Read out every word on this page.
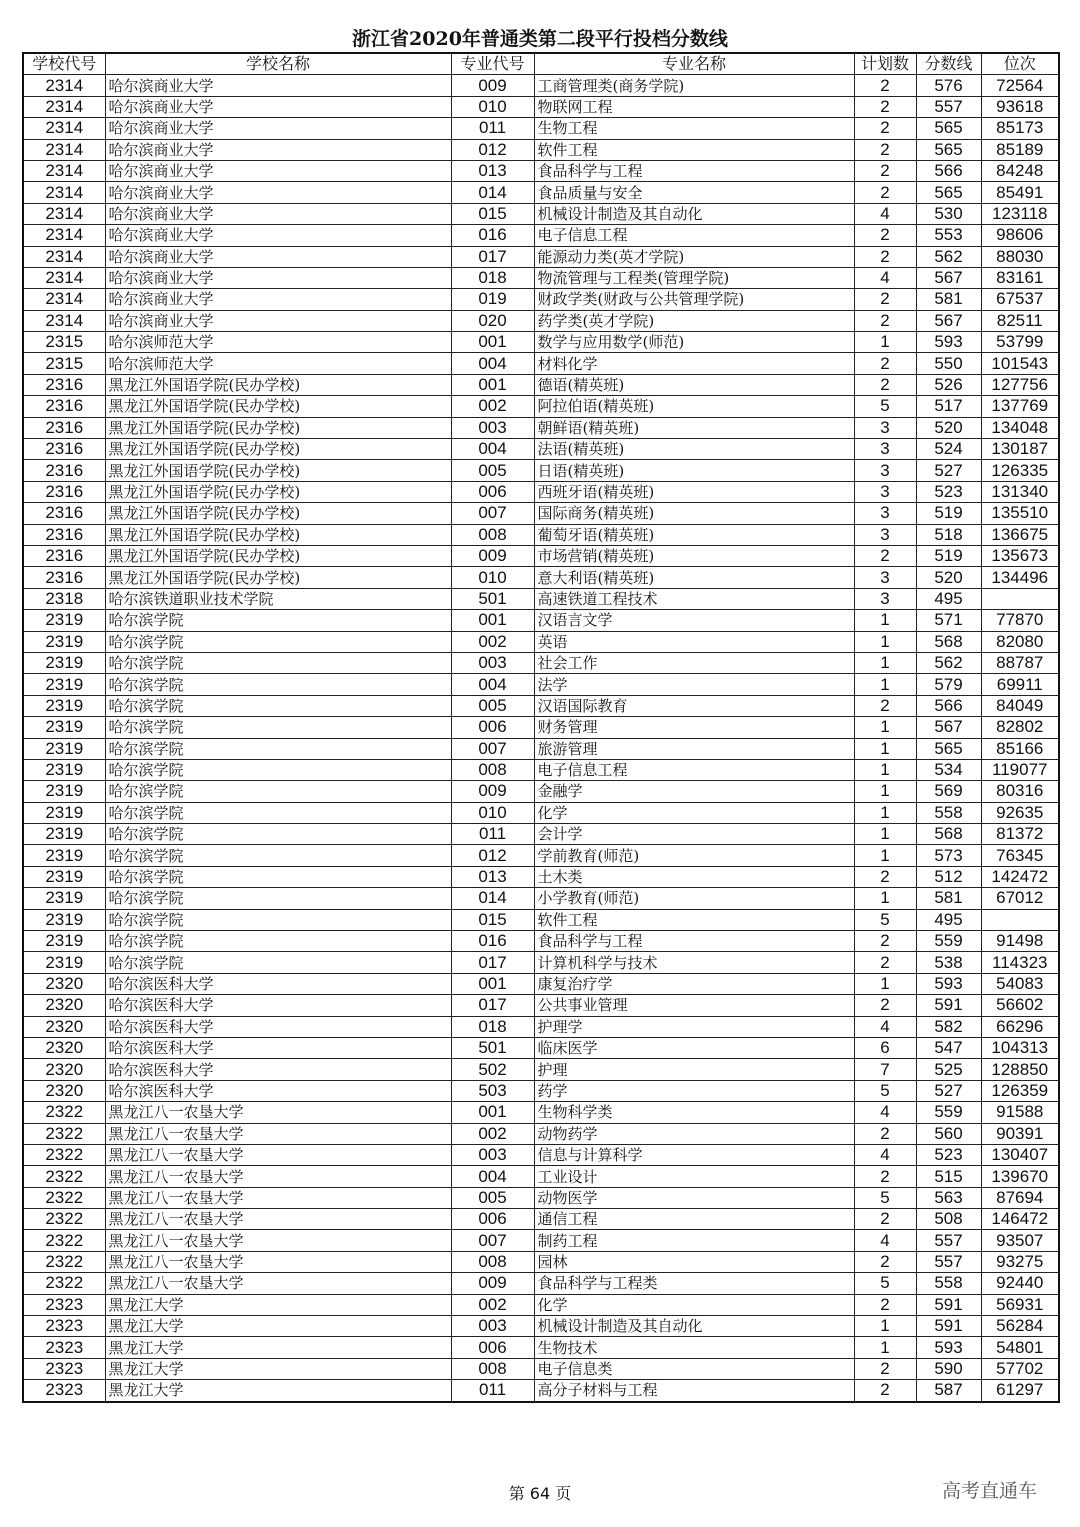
浙江省2020年普通类第二段平行投档分数线
学校代号	学校名称	专业代号	专业名称	计划数	分数线	位次
2314	哈尔滨商业大学	009	工商管理类(商务学院)	2	576	72564
2314	哈尔滨商业大学	010	物联网工程	2	557	93618
2314	哈尔滨商业大学	011	生物工程	2	565	85173
2314	哈尔滨商业大学	012	软件工程	2	565	85189
2314	哈尔滨商业大学	013	食品科学与工程	2	566	84248
2314	哈尔滨商业大学	014	食品质量与安全	2	565	85491
2314	哈尔滨商业大学	015	机械设计制造及其自动化	4	530	123118
2314	哈尔滨商业大学	016	电子信息工程	2	553	98606
2314	哈尔滨商业大学	017	能源动力类(英才学院)	2	562	88030
2314	哈尔滨商业大学	018	物流管理与工程类(管理学院)	4	567	83161
2314	哈尔滨商业大学	019	财政学类(财政与公共管理学院)	2	581	67537
2314	哈尔滨商业大学	020	药学类(英才学院)	2	567	82511
2315	哈尔滨师范大学	001	数学与应用数学(师范)	1	593	53799
2315	哈尔滨师范大学	004	材料化学	2	550	101543
2316	黑龙江外国语学院(民办学校)	001	德语(精英班)	2	526	127756
2316	黑龙江外国语学院(民办学校)	002	阿拉伯语(精英班)	5	517	137769
2316	黑龙江外国语学院(民办学校)	003	朝鲜语(精英班)	3	520	134048
2316	黑龙江外国语学院(民办学校)	004	法语(精英班)	3	524	130187
2316	黑龙江外国语学院(民办学校)	005	日语(精英班)	3	527	126335
2316	黑龙江外国语学院(民办学校)	006	西班牙语(精英班)	3	523	131340
2316	黑龙江外国语学院(民办学校)	007	国际商务(精英班)	3	519	135510
2316	黑龙江外国语学院(民办学校)	008	葡萄牙语(精英班)	3	518	136675
2316	黑龙江外国语学院(民办学校)	009	市场营销(精英班)	2	519	135673
2316	黑龙江外国语学院(民办学校)	010	意大利语(精英班)	3	520	134496
2318	哈尔滨铁道职业技术学院	501	高速铁道工程技术	3	495	
2319	哈尔滨学院	001	汉语言文学	1	571	77870
2319	哈尔滨学院	002	英语	1	568	82080
2319	哈尔滨学院	003	社会工作	1	562	88787
2319	哈尔滨学院	004	法学	1	579	69911
2319	哈尔滨学院	005	汉语国际教育	2	566	84049
2319	哈尔滨学院	006	财务管理	1	567	82802
2319	哈尔滨学院	007	旅游管理	1	565	85166
2319	哈尔滨学院	008	电子信息工程	1	534	119077
2319	哈尔滨学院	009	金融学	1	569	80316
2319	哈尔滨学院	010	化学	1	558	92635
2319	哈尔滨学院	011	会计学	1	568	81372
2319	哈尔滨学院	012	学前教育(师范)	1	573	76345
2319	哈尔滨学院	013	土木类	2	512	142472
2319	哈尔滨学院	014	小学教育(师范)	1	581	67012
2319	哈尔滨学院	015	软件工程	5	495	
2319	哈尔滨学院	016	食品科学与工程	2	559	91498
2319	哈尔滨学院	017	计算机科学与技术	2	538	114323
2320	哈尔滨医科大学	001	康复治疗学	1	593	54083
2320	哈尔滨医科大学	017	公共事业管理	2	591	56602
2320	哈尔滨医科大学	018	护理学	4	582	66296
2320	哈尔滨医科大学	501	临床医学	6	547	104313
2320	哈尔滨医科大学	502	护理	7	525	128850
2320	哈尔滨医科大学	503	药学	5	527	126359
2322	黑龙江八一农垦大学	001	生物科学类	4	559	91588
2322	黑龙江八一农垦大学	002	动物药学	2	560	90391
2322	黑龙江八一农垦大学	003	信息与计算科学	4	523	130407
2322	黑龙江八一农垦大学	004	工业设计	2	515	139670
2322	黑龙江八一农垦大学	005	动物医学	5	563	87694
2322	黑龙江八一农垦大学	006	通信工程	2	508	146472
2322	黑龙江八一农垦大学	007	制药工程	4	557	93507
2322	黑龙江八一农垦大学	008	园林	2	557	93275
2322	黑龙江八一农垦大学	009	食品科学与工程类	5	558	92440
2323	黑龙江大学	002	化学	2	591	56931
2323	黑龙江大学	003	机械设计制造及其自动化	1	591	56284
2323	黑龙江大学	006	生物技术	1	593	54801
2323	黑龙江大学	008	电子信息类	2	590	57702
2323	黑龙江大学	011	高分子材料与工程	2	587	61297
第 64 页	高考直通车
